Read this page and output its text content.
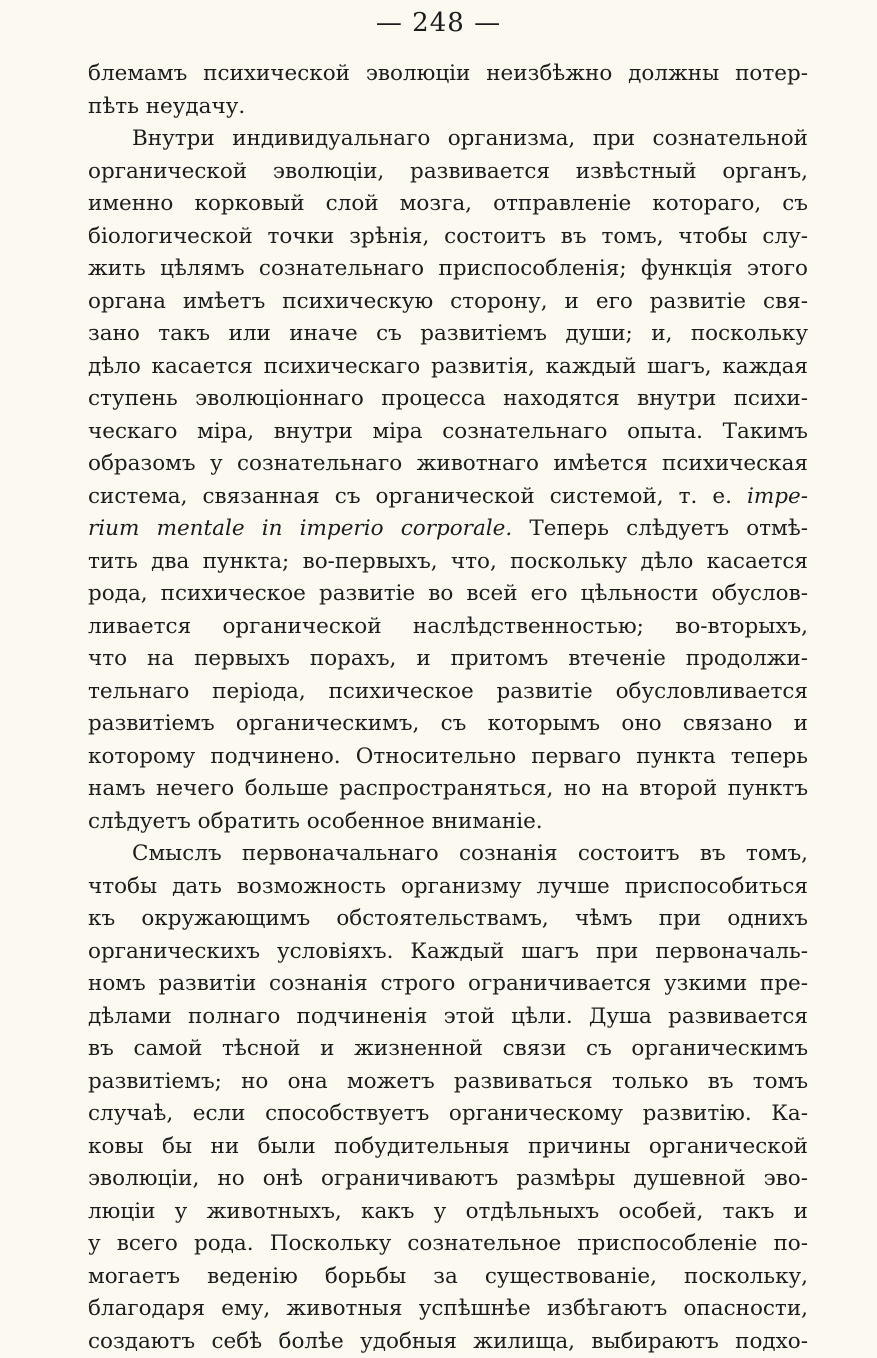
— 248 —
блемамъ психической эволюціи неизбѣжно должны потер-
пѣть неудачу.
Внутри индивидуальнаго организма, при сознательной
органической эволюціи, развивается извѣстный органъ,
именно корковый слой мозга, отправленіе котораго, съ
біологической точки зрѣнія, состоитъ въ томъ, чтобы слу-
жить цѣлямъ сознательнаго приспособленія; функція этого
органа имѣетъ психическую сторону, и его развитіе свя-
зано такъ или иначе съ развитіемъ души; и, поскольку
дѣло касается психическаго развитія, каждый шагъ, каждая
ступень эволюціоннаго процесса находятся внутри психи-
ческаго міра, внутри міра сознательнаго опыта. Такимъ
образомъ у сознательнаго животнаго имѣется психическая
система, связанная съ органической системой, т. е. impe-
rium mentale in imperio corporale. Теперь слѣдуетъ отмѣ-
тить два пункта; во-первыхъ, что, поскольку дѣло касается
рода, психическое развитіе во всей его цѣльности обуслов-
ливается органической наслѣдственностью; во-вторыхъ,
что на первыхъ порахъ, и притомъ втеченіе продолжи-
тельнаго періода, психическое развитіе обусловливается
развитіемъ органическимъ, съ которымъ оно связано и
которому подчинено. Относительно перваго пункта теперь
намъ нечего больше распространяться, но на второй пунктъ
слѣдуетъ обратить особенное вниманіе.
Смыслъ первоначальнаго сознанія состоитъ въ томъ,
чтобы дать возможность организму лучше приспособиться
къ окружающимъ обстоятельствамъ, чѣмъ при однихъ
органическихъ условіяхъ. Каждый шагъ при первоначаль-
номъ развитіи сознанія строго ограничивается узкими пре-
дѣлами полнаго подчиненія этой цѣли. Душа развивается
въ самой тѣсной и жизненной связи съ органическимъ
развитіемъ; но она можетъ развиваться только въ томъ
случаѣ, если способствуетъ органическому развитію. Ка-
ковы бы ни были побудительныя причины органической
эволюціи, но онѣ ограничиваютъ размѣры душевной эво-
люціи у животныхъ, какъ у отдѣльныхъ особей, такъ и
у всего рода. Поскольку сознательное приспособленіе по-
могаетъ веденію борьбы за существованіе, поскольку,
благодаря ему, животныя успѣшнѣе избѣгаютъ опасности,
создаютъ себѣ болѣе удобныя жилища, выбираютъ подхо-
